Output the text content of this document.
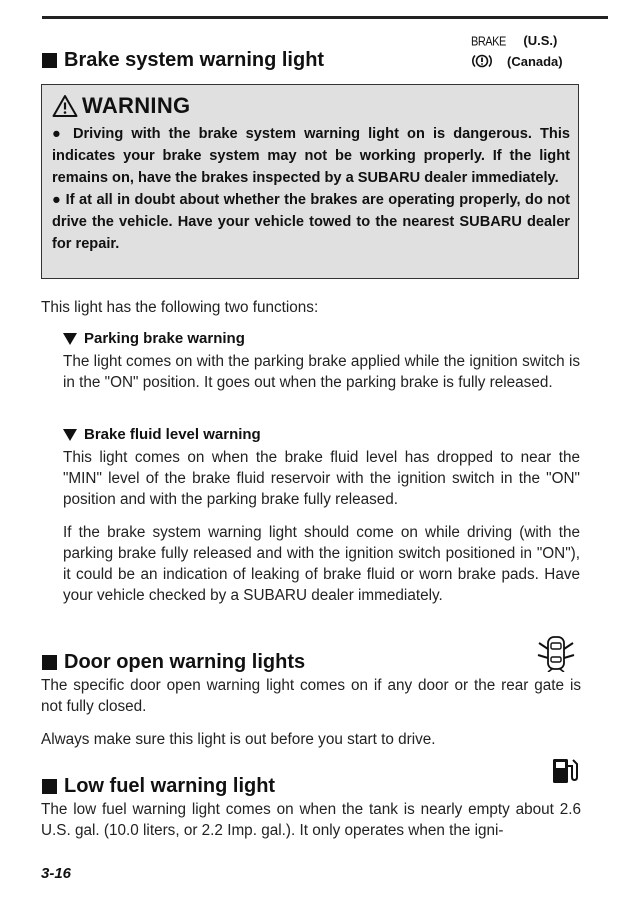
Brake system warning light
BRAKE (U.S.)
(Canada)
WARNING

● Driving with the brake system warning light on is dangerous. This indicates your brake system may not be working properly. If the light remains on, have the brakes inspected by a SUBARU dealer immediately.

● If at all in doubt about whether the brakes are operating properly, do not drive the vehicle. Have your vehicle towed to the nearest SUBARU dealer for repair.

This light has the following two functions:
Parking brake warning
The light comes on with the parking brake applied while the ignition switch is in the "ON" position. It goes out when the parking brake is fully released.
Brake fluid level warning
This light comes on when the brake fluid level has dropped to near the "MIN" level of the brake fluid reservoir with the ignition switch in the "ON" position and with the parking brake fully released.
If the brake system warning light should come on while driving (with the parking brake fully released and with the ignition switch positioned in "ON"), it could be an indication of leaking of brake fluid or worn brake pads. Have your vehicle checked by a SUBARU dealer immediately.
Door open warning lights
The specific door open warning light comes on if any door or the rear gate is not fully closed.
Always make sure this light is out before you start to drive.
Low fuel warning light
The low fuel warning light comes on when the tank is nearly empty about 2.6 U.S. gal. (10.0 liters, or 2.2 Imp. gal.). It only operates when the igni-
3-16
